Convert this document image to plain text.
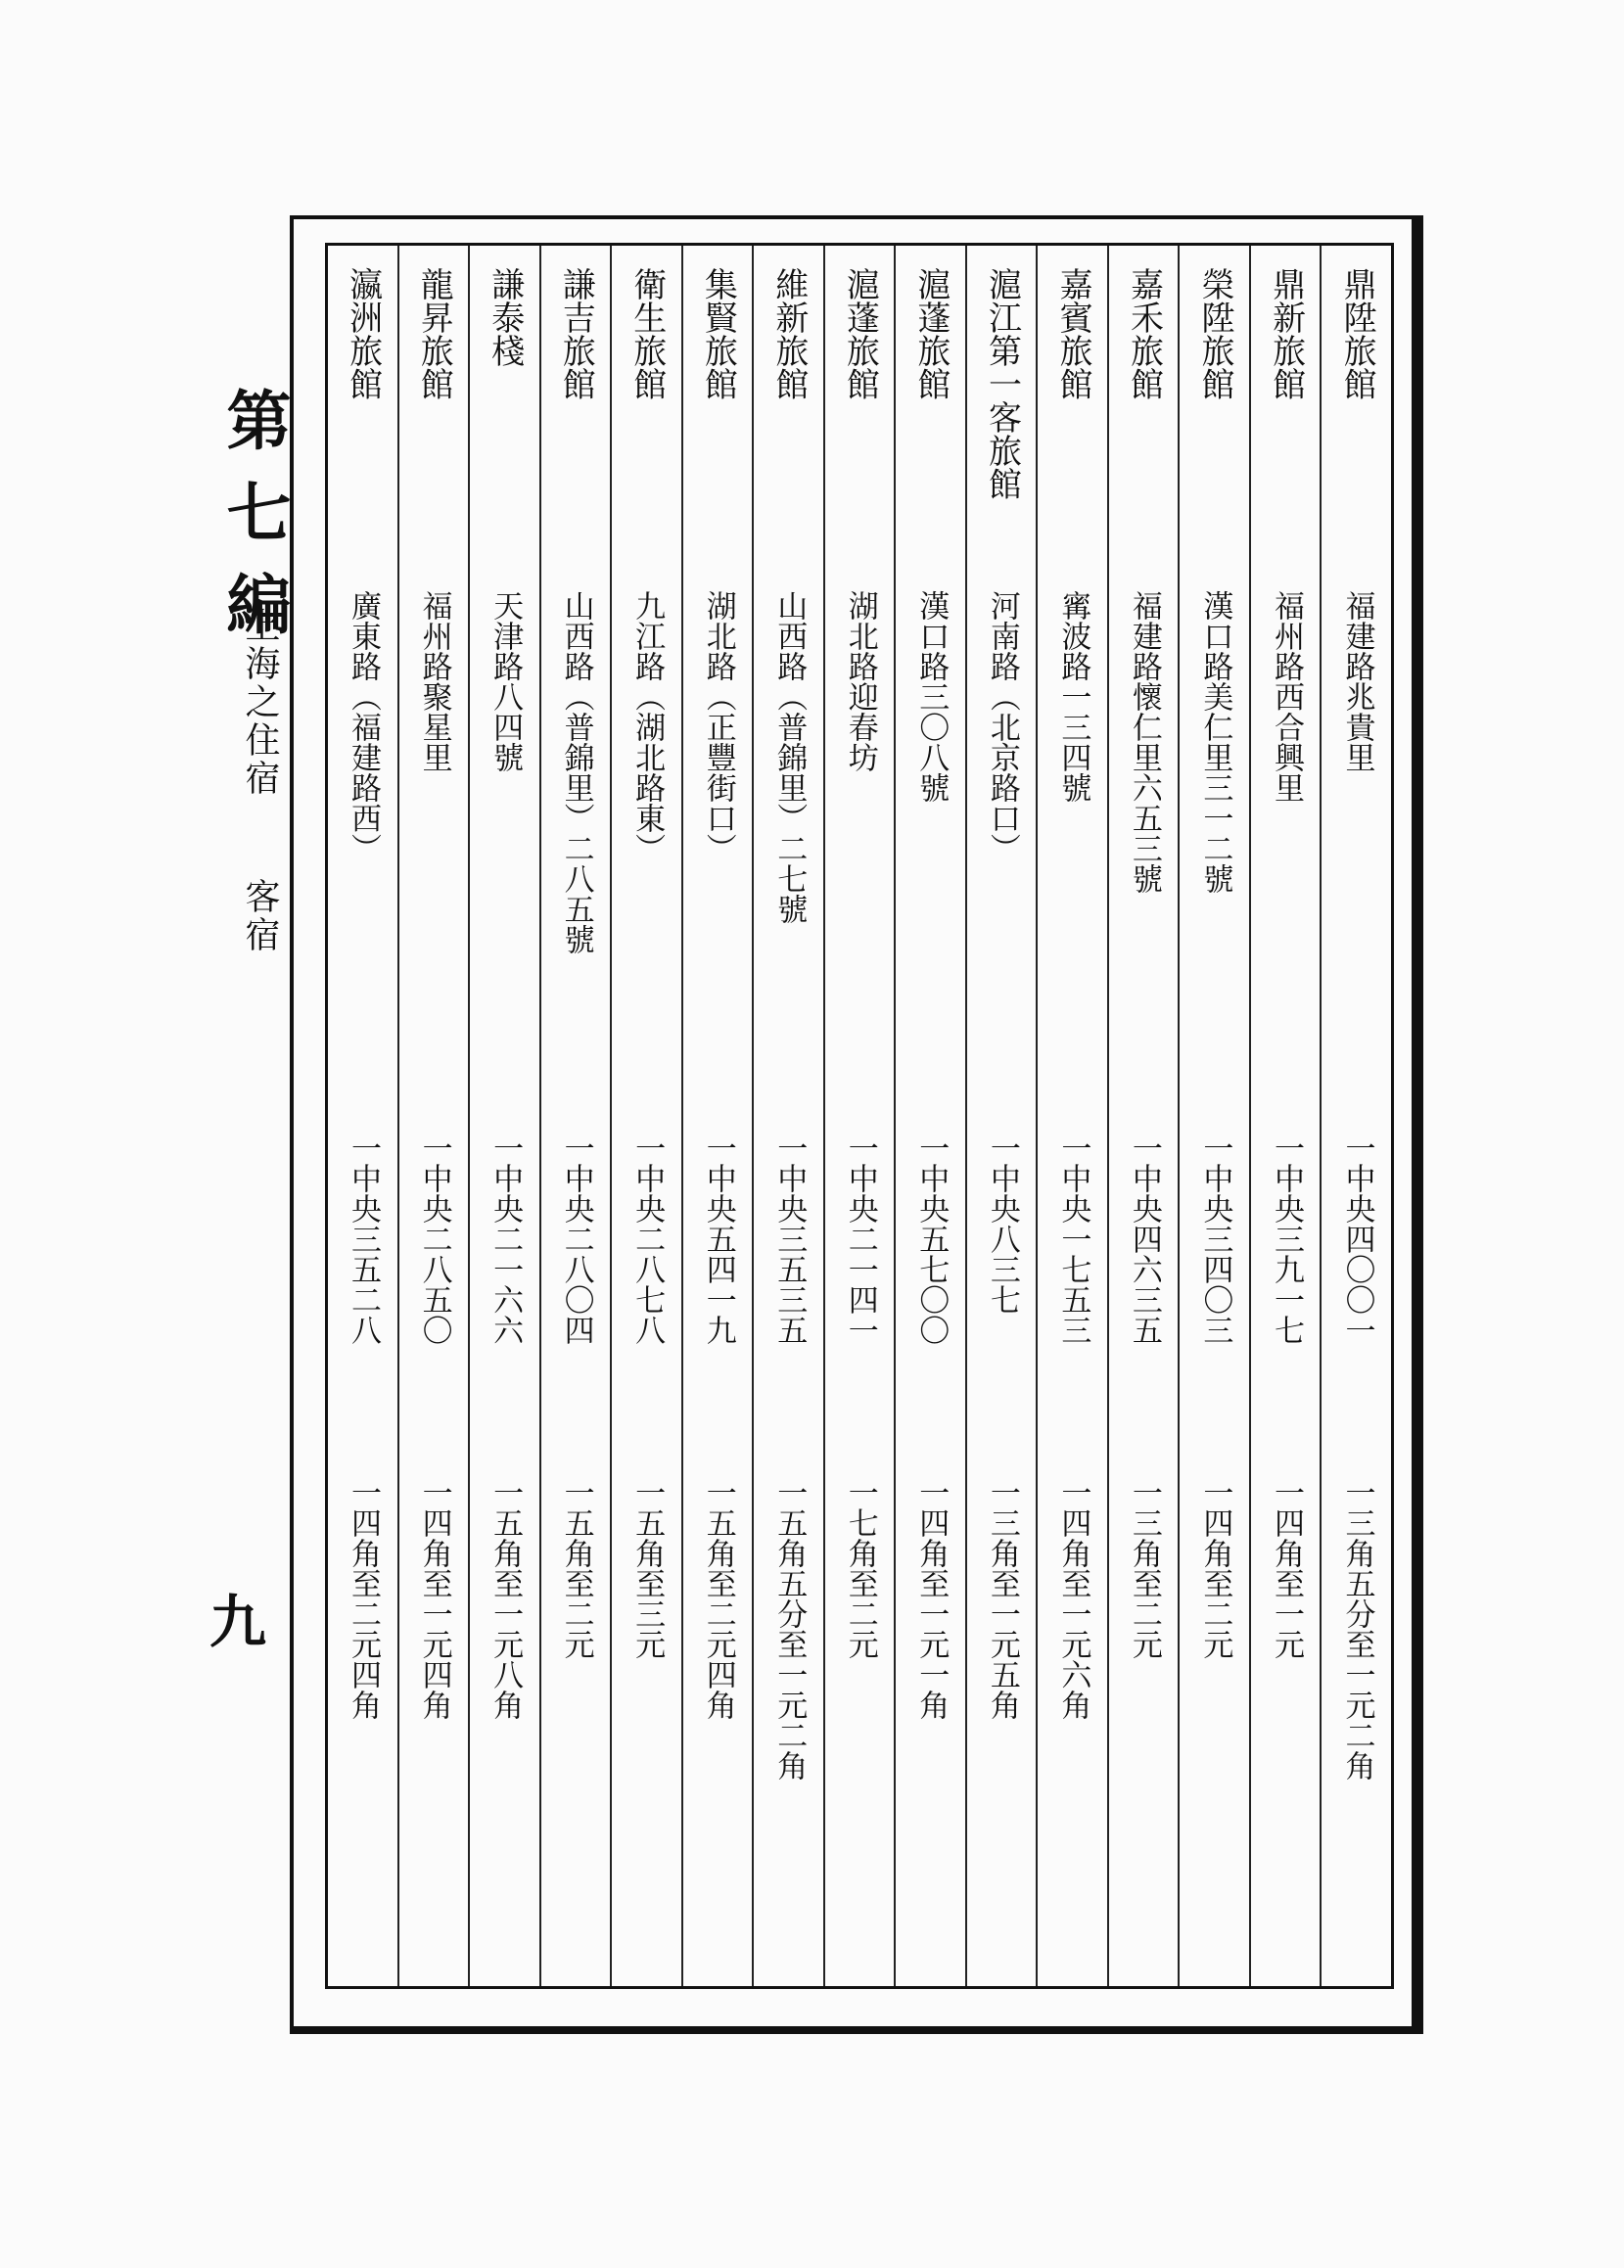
第七編
上海之住宿 客宿
九
鼎陞旅館
福建路兆貴里
一中央四〇〇一
一三角五分至一元二角
鼎新旅館
福州路西合興里
一中央三九一七
一四角至一元
榮陞旅館
漢口路美仁里三一二號
一中央三四〇三
一四角至二元
嘉禾旅館
福建路懷仁里六五三號
一中央四六三五
一三角至二元
嘉賓旅館
寗波路一三四號
一中央一七五三
一四角至一元六角
滬江第一客旅館
河南路（北京路口）
一中央八三七
一三角至一元五角
滬蓬旅館
漢口路三〇八號
一中央五七〇〇
一四角至一元一角
滬蓬旅館
湖北路迎春坊
一中央二一四一
一七角至二元
維新旅館
山西路（普錦里）二七號
一中央三五三五
一五角五分至一元二角
集賢旅館
湖北路（正豐街口）
一中央五四一九
一五角至二元四角
衛生旅館
九江路（湖北路東）
一中央二八七八
一五角至三元
謙吉旅館
山西路（普錦里）二八五號
一中央二八〇四
一五角至二元
謙泰棧
天津路八四號
一中央二一六六
一五角至一元八角
龍昇旅館
福州路聚星里
一中央二八五〇
一四角至一元四角
瀛洲旅館
廣東路（福建路西）
一中央三五二八
一四角至二元四角
